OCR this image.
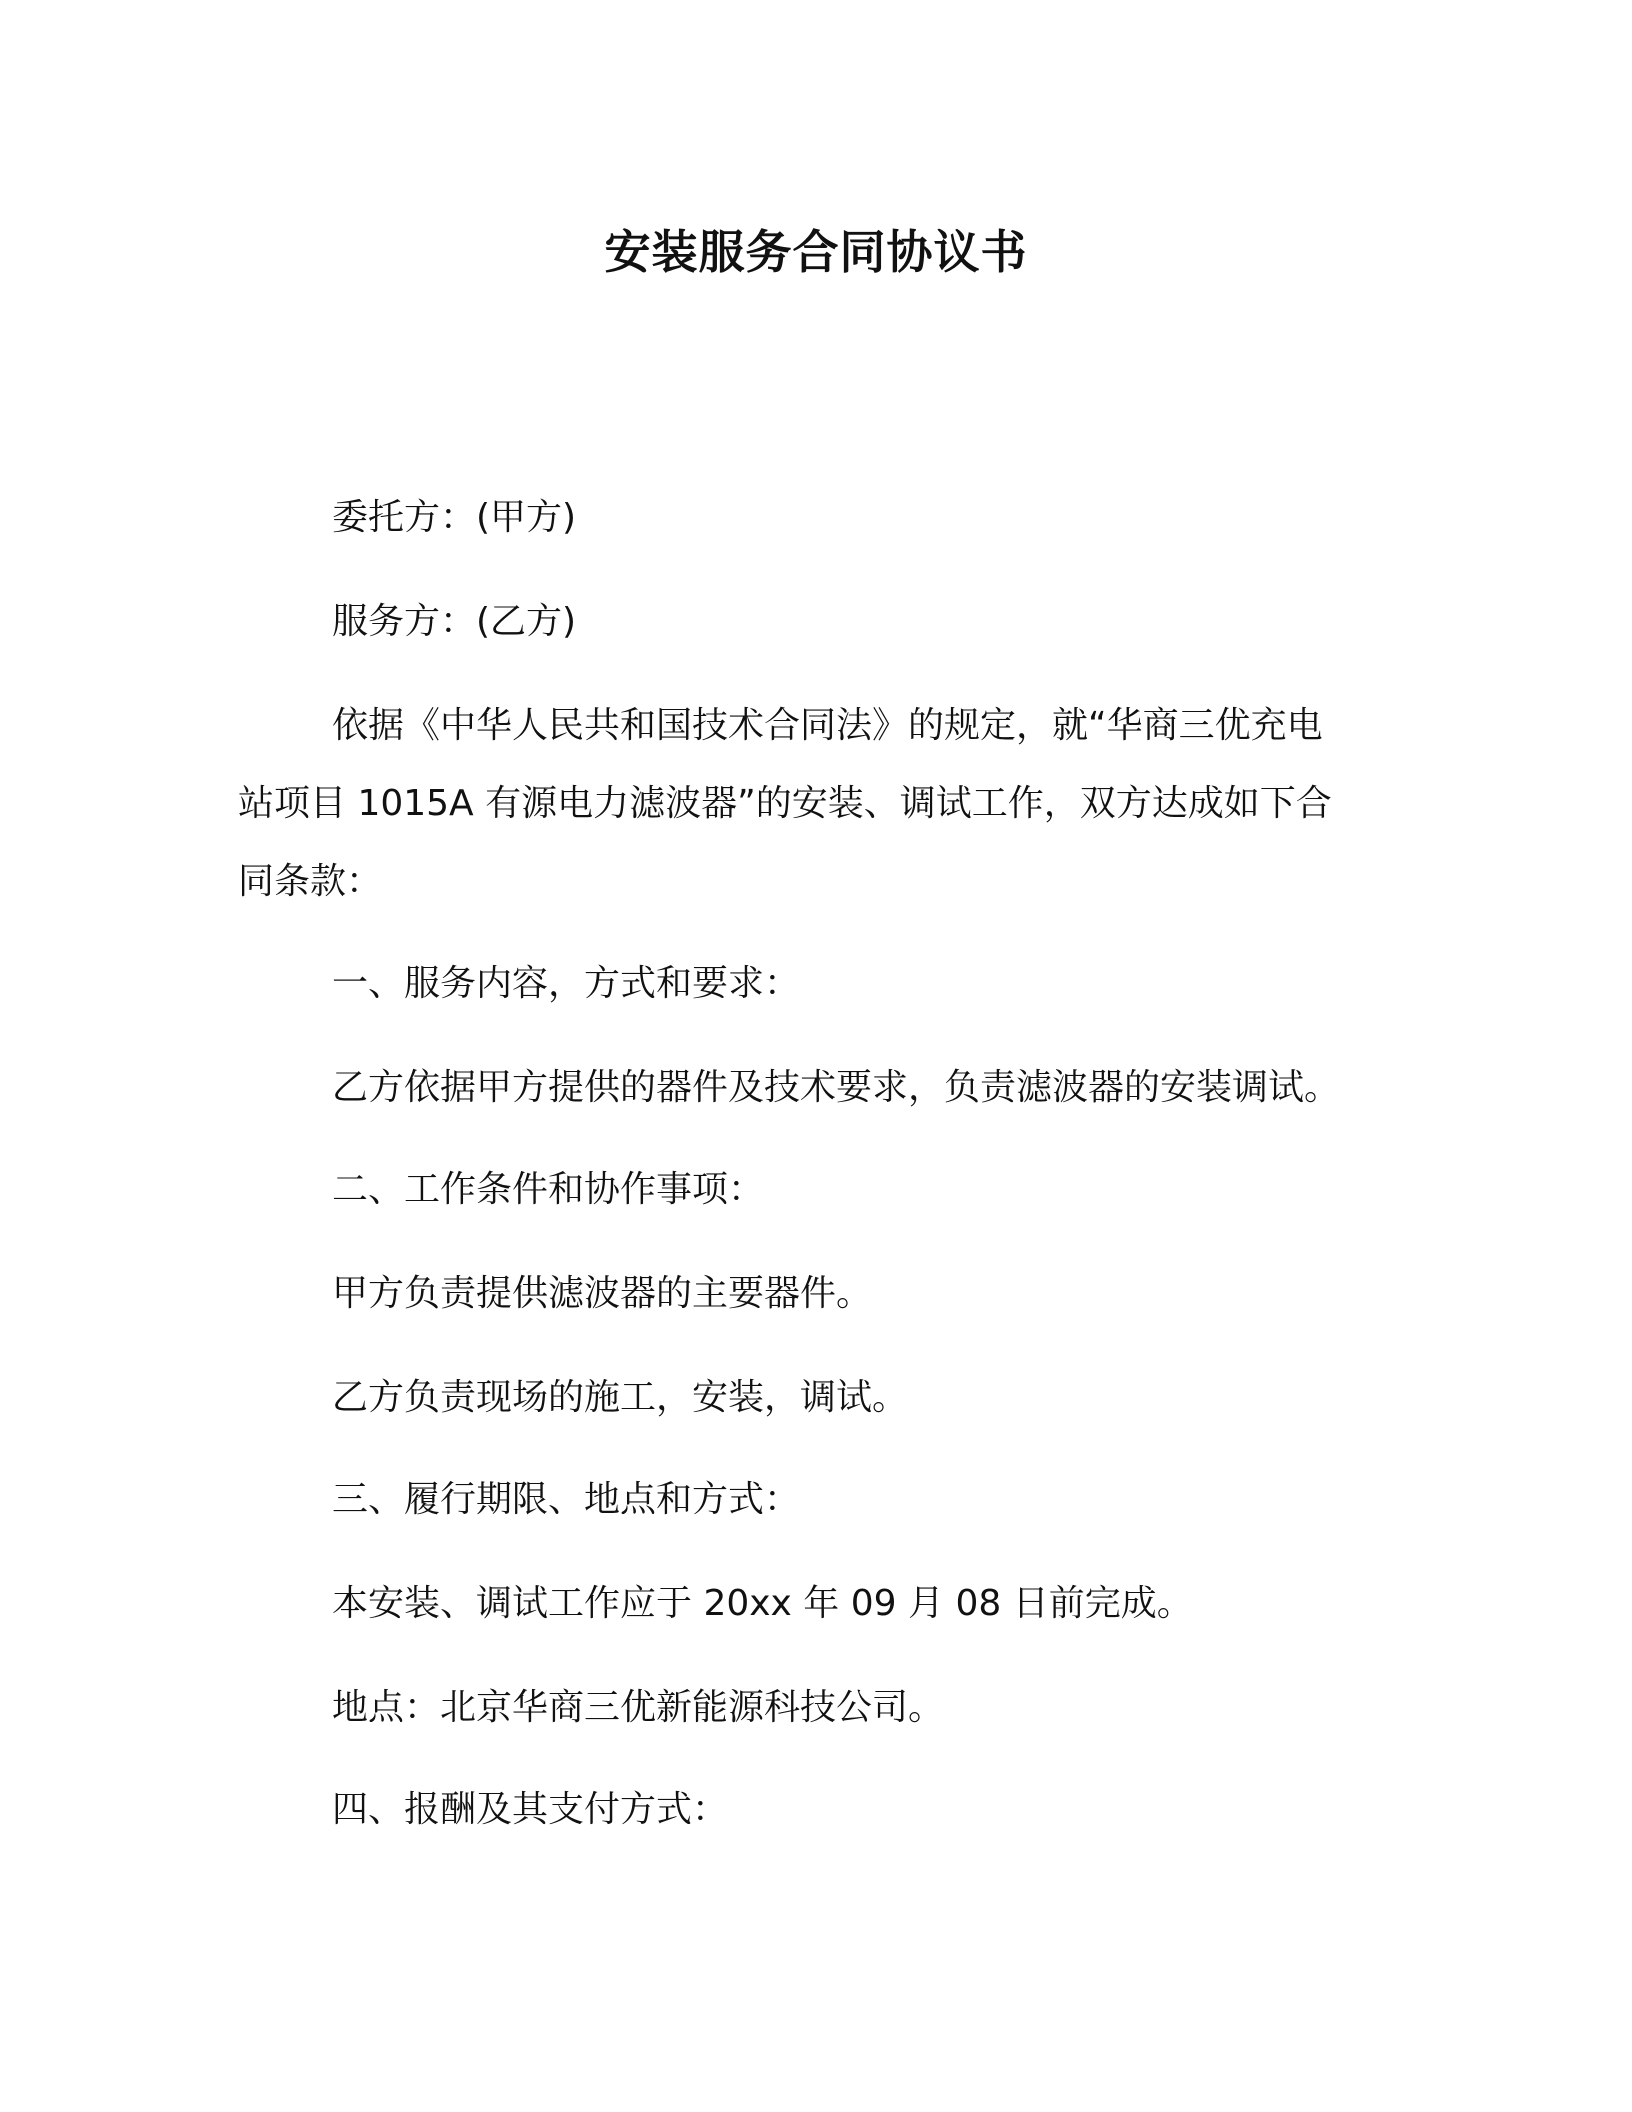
安装服务合同协议书
委托方：(甲方)
服务方：(乙方)
依据《中华人民共和国技术合同法》的规定，就“华商三优充电
站项目 1015A 有源电力滤波器”的安装、调试工作，双方达成如下合
同条款：
一、服务内容，方式和要求：
乙方依据甲方提供的器件及技术要求，负责滤波器的安装调试。
二、工作条件和协作事项：
甲方负责提供滤波器的主要器件。
乙方负责现场的施工，安装，调试。
三、履行期限、地点和方式：
本安装、调试工作应于 20xx 年 09 月 08 日前完成。
地点：北京华商三优新能源科技公司。
四、报酬及其支付方式：
